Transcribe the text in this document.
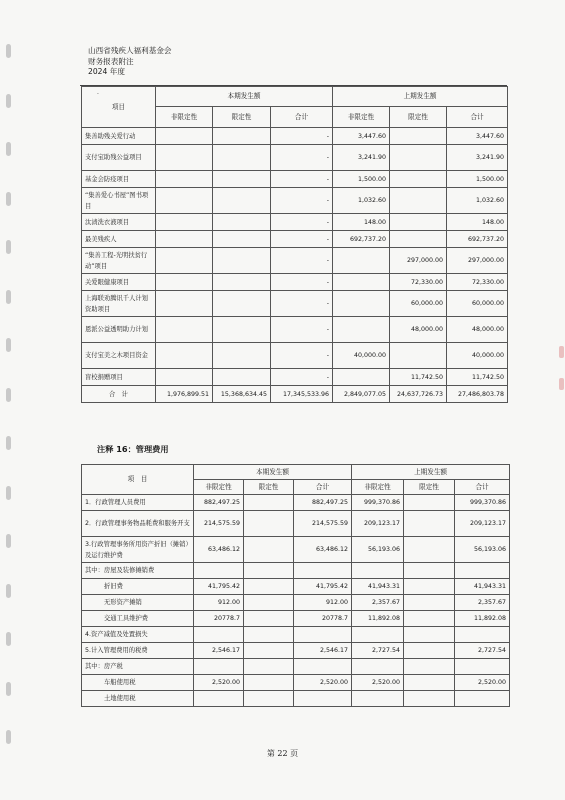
山西省残疾人福利基金会
财务报表附注
2024 年度
·
项目	本期发生额			上期发生额		
	非限定性	限定性	合计	非限定性	限定性	合计
集善助残关爱行动			-	3,447.60		3,447.60
支付宝助残公益项目			-	3,241.90		3,241.90
基金会防疫项目			-	1,500.00		1,500.00
“集善爱心书屋”图书项目			-	1,032.60		1,032.60
汰渍洗衣液项目			-	148.00		148.00
最美残疾人			-	692,737.20		692,737.20
“集善工程-光明扶贫行动”项目			-		297,000.00	297,000.00
关爱眼健康项目			-		72,330.00	72,330.00
上海联劝腾讯千人计划资助项目			-		60,000.00	60,000.00
恩派公益透明助力计划			-		48,000.00	48,000.00
支付宝美之木项目资金			-	40,000.00		40,000.00
盲校捐赠项目			-		11,742.50	11,742.50
合　计	1,976,899.51	15,368,634.45	17,345,533.96	2,849,077.05	24,637,726.73	27,486,803.78
注释 16：管理费用
项　目	本期发生额			上期发生额		
	非限定性	限定性	合计	非限定性	限定性	合计
1．行政管理人员费用	882,497.25		882,497.25	999,370.86		999,370.86
2．行政管理事务物品耗费和服务开支	214,575.59		214,575.59	209,123.17		209,123.17
3.行政管理事务所用资产折旧（摊销）及运行维护费	63,486.12		63,486.12	56,193.06		56,193.06
其中：房屋及装修摊销费						
折旧费	41,795.42		41,795.42	41,943.31		41,943.31
无形资产摊销	912.00		912.00	2,357.67		2,357.67
交通工具维护费	20778.7		20778.7	11,892.08		11,892.08
4.资产减值及处置损失						
5.计入管理费用的税费	2,546.17		2,546.17	2,727.54		2,727.54
其中：房产税						
车船使用税	2,520.00		2,520.00	2,520.00		2,520.00
土地使用税						
第 22 页
